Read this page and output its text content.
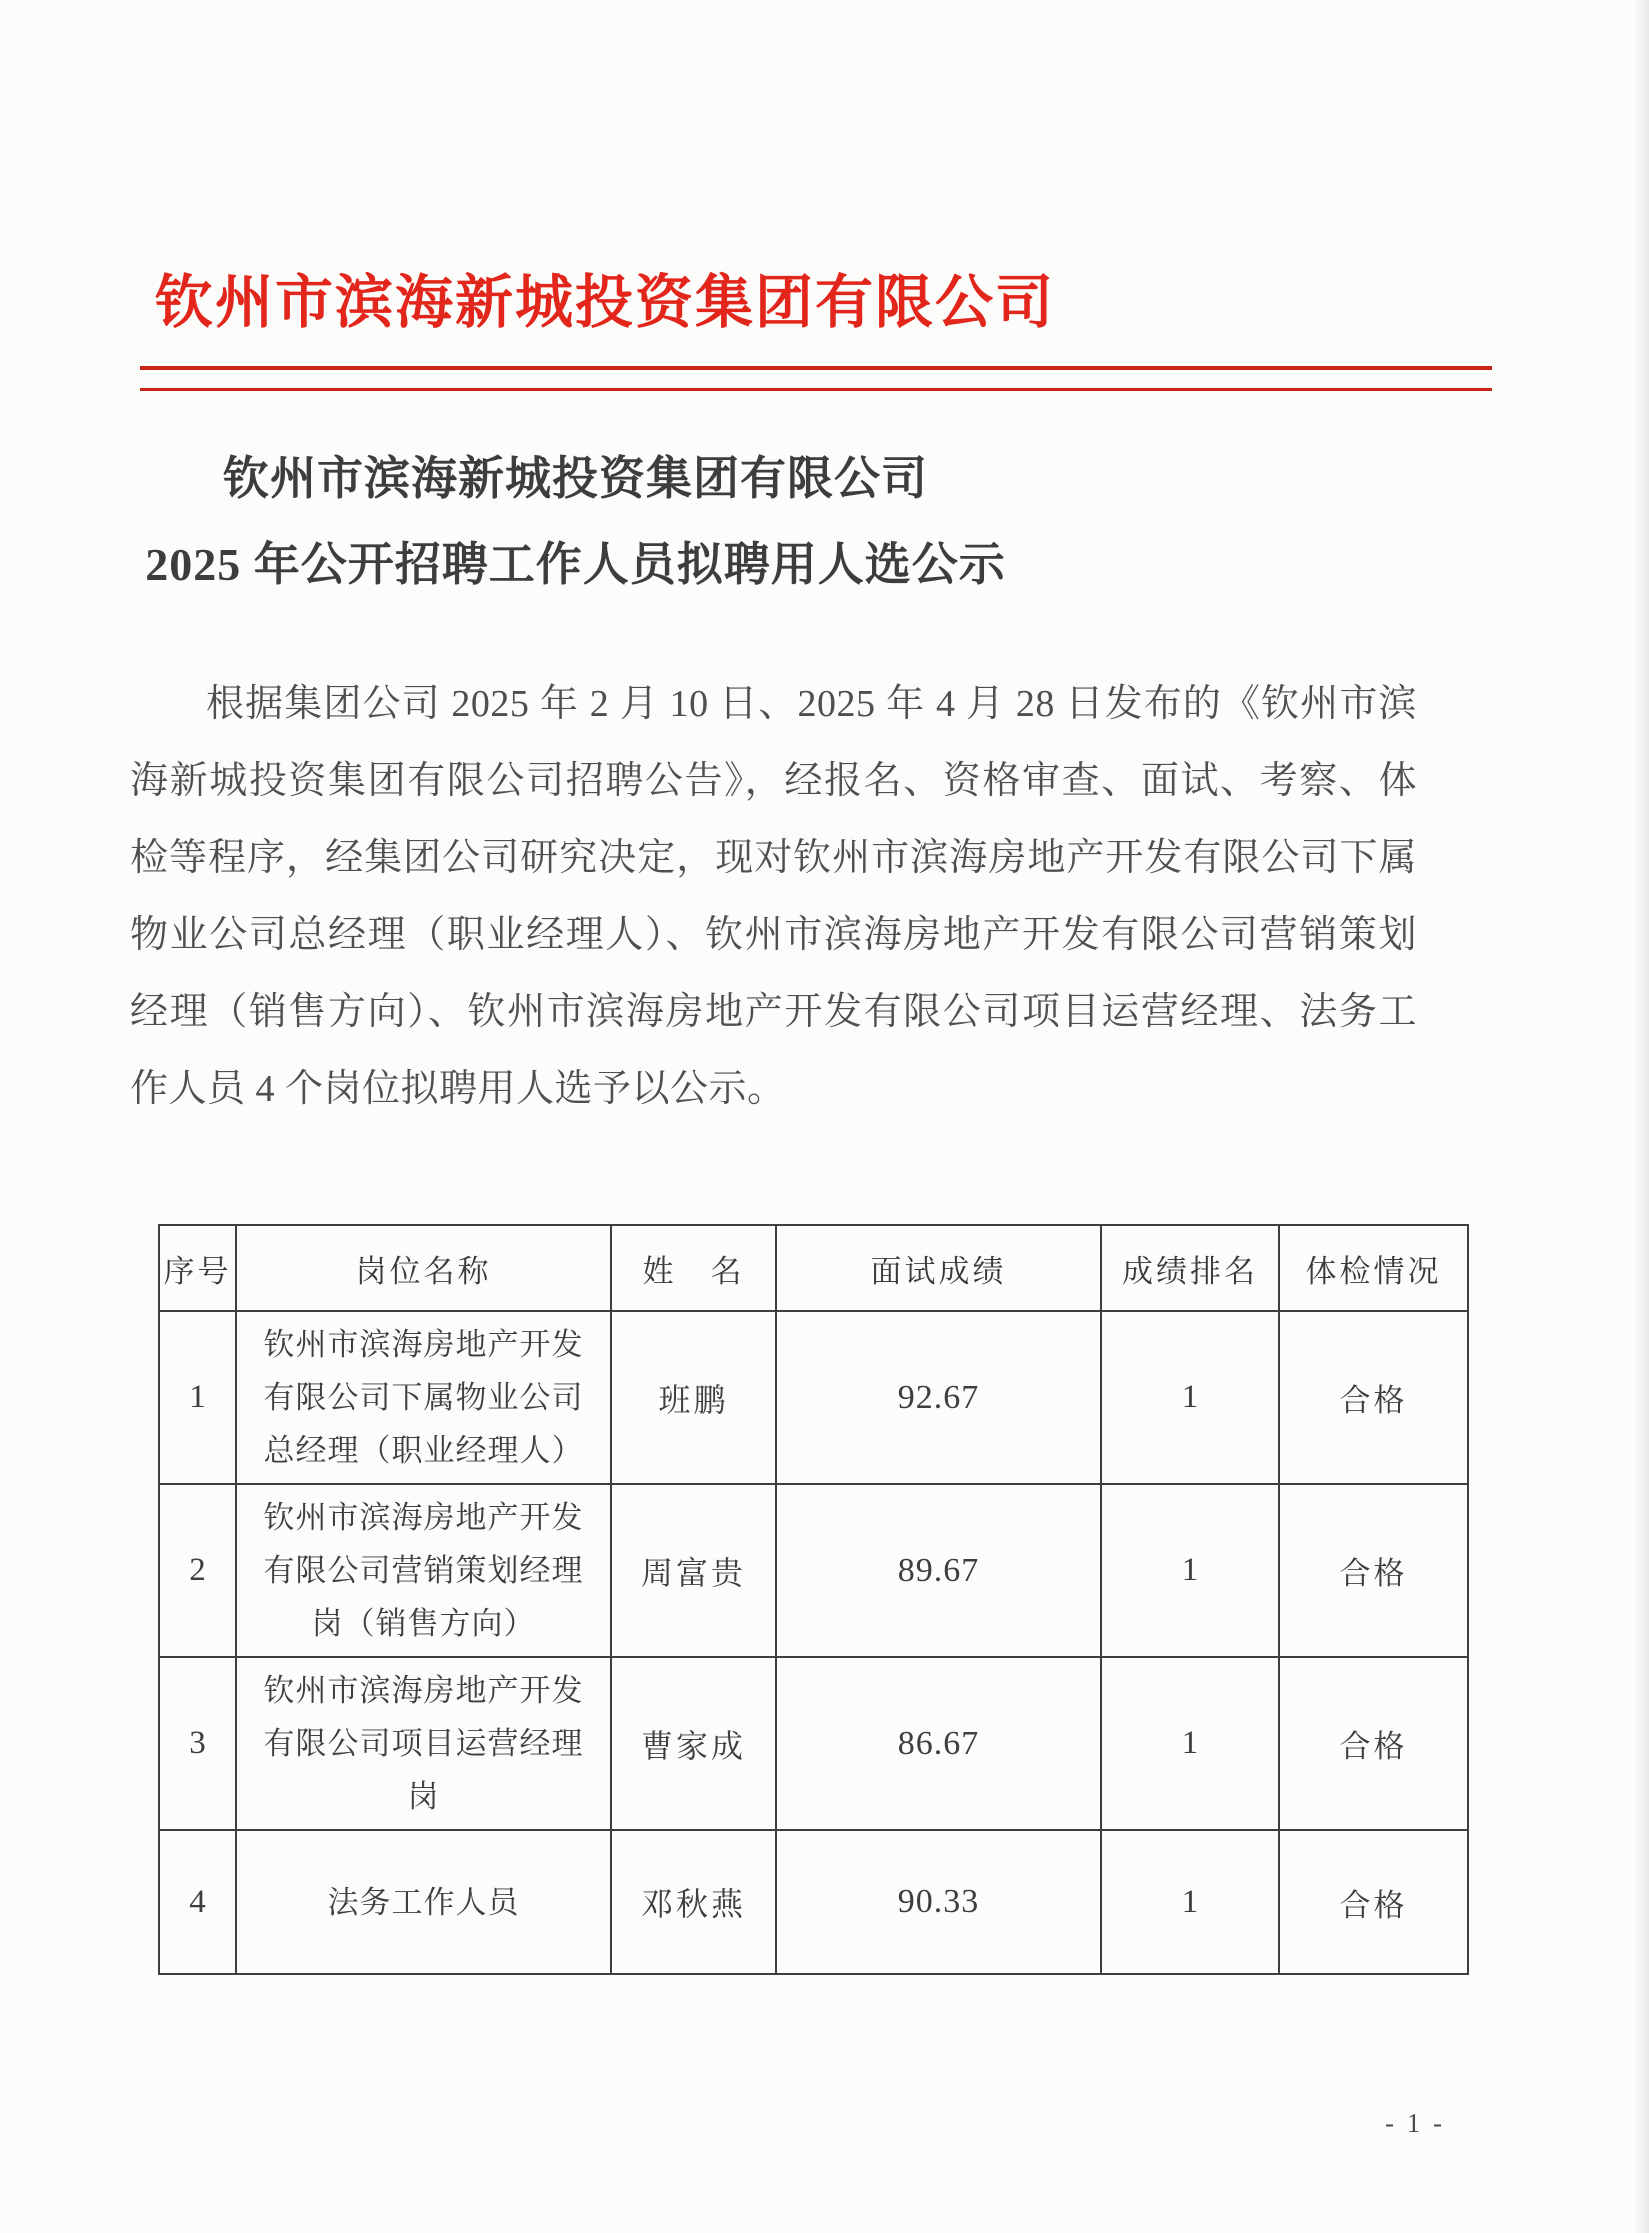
钦州市滨海新城投资集团有限公司
钦州市滨海新城投资集团有限公司
2025 年公开招聘工作人员拟聘用人选公示
根据集团公司 2025 年 2 月 10 日、2025 年 4 月 28 日发布的《钦州市滨海新城投资集团有限公司招聘公告》，经报名、资格审查、面试、考察、体检等程序，经集团公司研究决定，现对钦州市滨海房地产开发有限公司下属物业公司总经理（职业经理人）、钦州市滨海房地产开发有限公司营销策划经理（销售方向）、钦州市滨海房地产开发有限公司项目运营经理、法务工作人员 4 个岗位拟聘用人选予以公示。
序号	岗位名称	姓　名	面试成绩	成绩排名	体检情况
1	钦州市滨海房地产开发有限公司下属物业公司总经理（职业经理人）	班鹏	92.67	1	合格
2	钦州市滨海房地产开发有限公司营销策划经理岗（销售方向）	周富贵	89.67	1	合格
3	钦州市滨海房地产开发有限公司项目运营经理岗	曹家成	86.67	1	合格
4	法务工作人员	邓秋燕	90.33	1	合格
- 1 -
